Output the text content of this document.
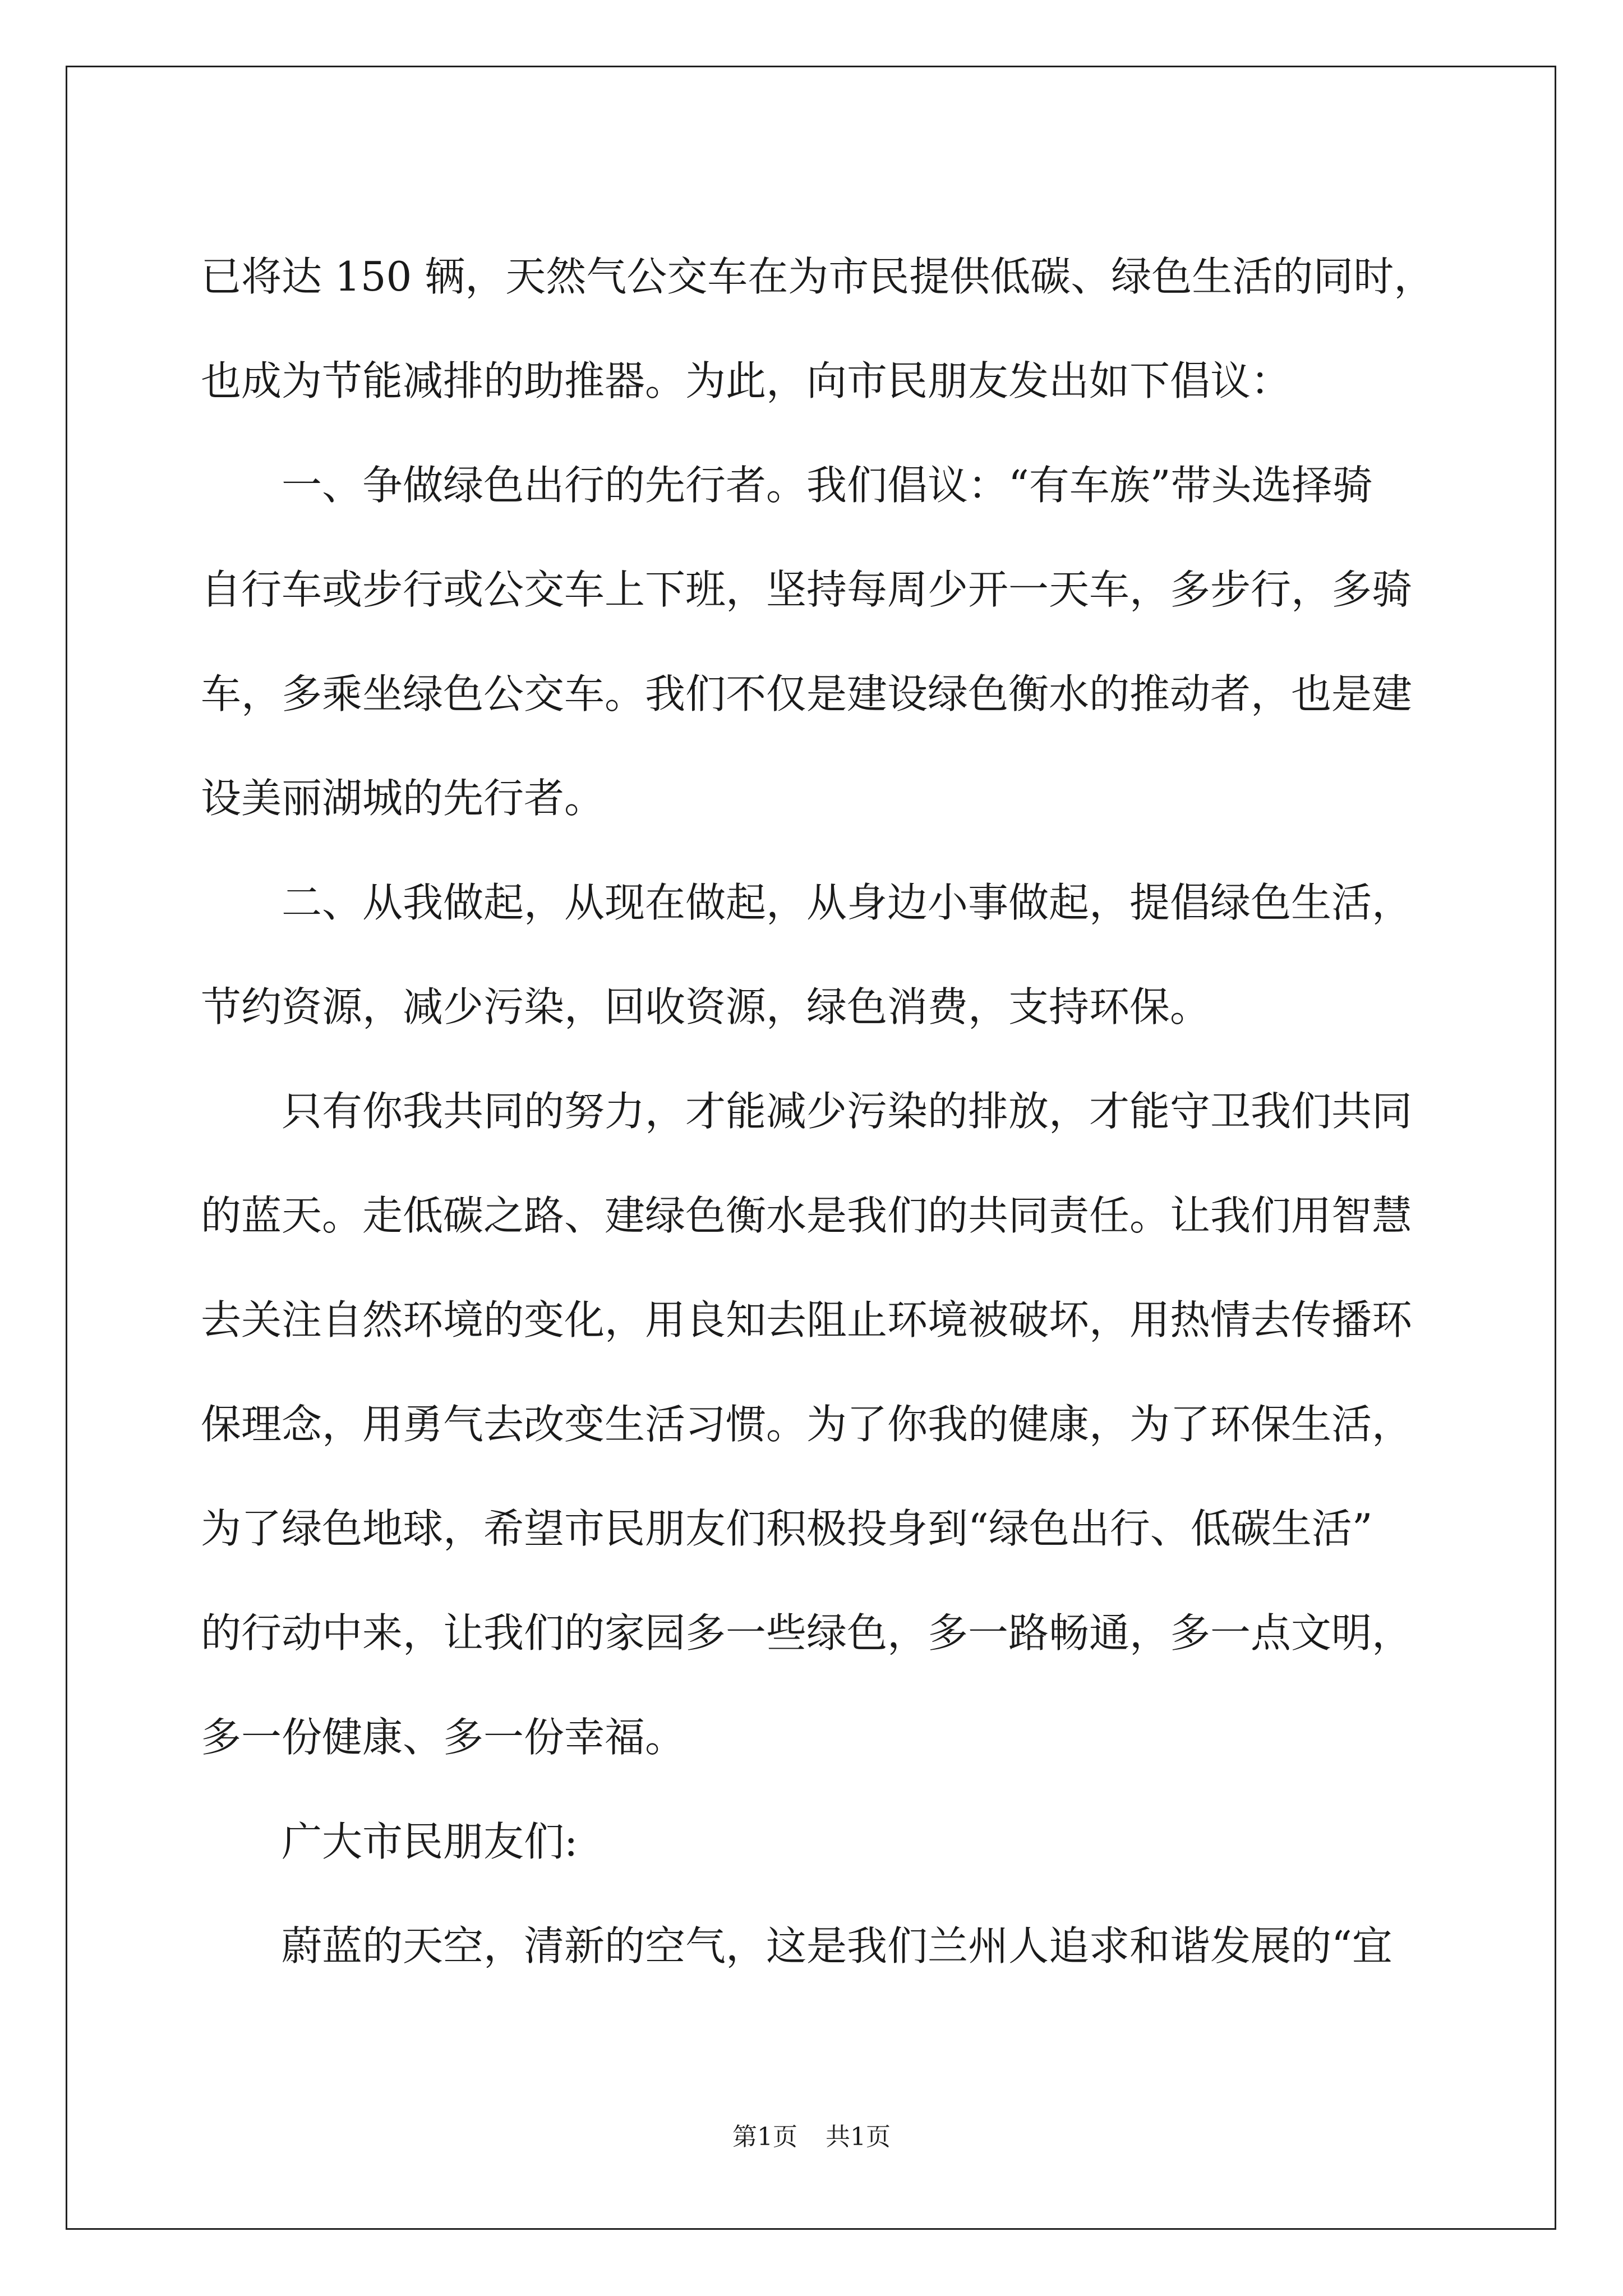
已将达 150 辆，天然气公交车在为市民提供低碳、绿色生活的同时，
也成为节能减排的助推器。为此，向市民朋友发出如下倡议：
一、争做绿色出行的先行者。我们倡议：“有车族”带头选择骑
自行车或步行或公交车上下班，坚持每周少开一天车，多步行，多骑
车，多乘坐绿色公交车。我们不仅是建设绿色衡水的推动者，也是建
设美丽湖城的先行者。
二、从我做起，从现在做起，从身边小事做起，提倡绿色生活，
节约资源，减少污染，回收资源，绿色消费，支持环保。
只有你我共同的努力，才能减少污染的排放，才能守卫我们共同
的蓝天。走低碳之路、建绿色衡水是我们的共同责任。让我们用智慧
去关注自然环境的变化，用良知去阻止环境被破坏，用热情去传播环
保理念，用勇气去改变生活习惯。为了你我的健康，为了环保生活，
为了绿色地球，希望市民朋友们积极投身到“绿色出行、低碳生活”
的行动中来，让我们的家园多一些绿色，多一路畅通，多一点文明，
多一份健康、多一份幸福。
广大市民朋友们:
蔚蓝的天空，清新的空气，这是我们兰州人追求和谐发展的“宜
第1页 共1页
